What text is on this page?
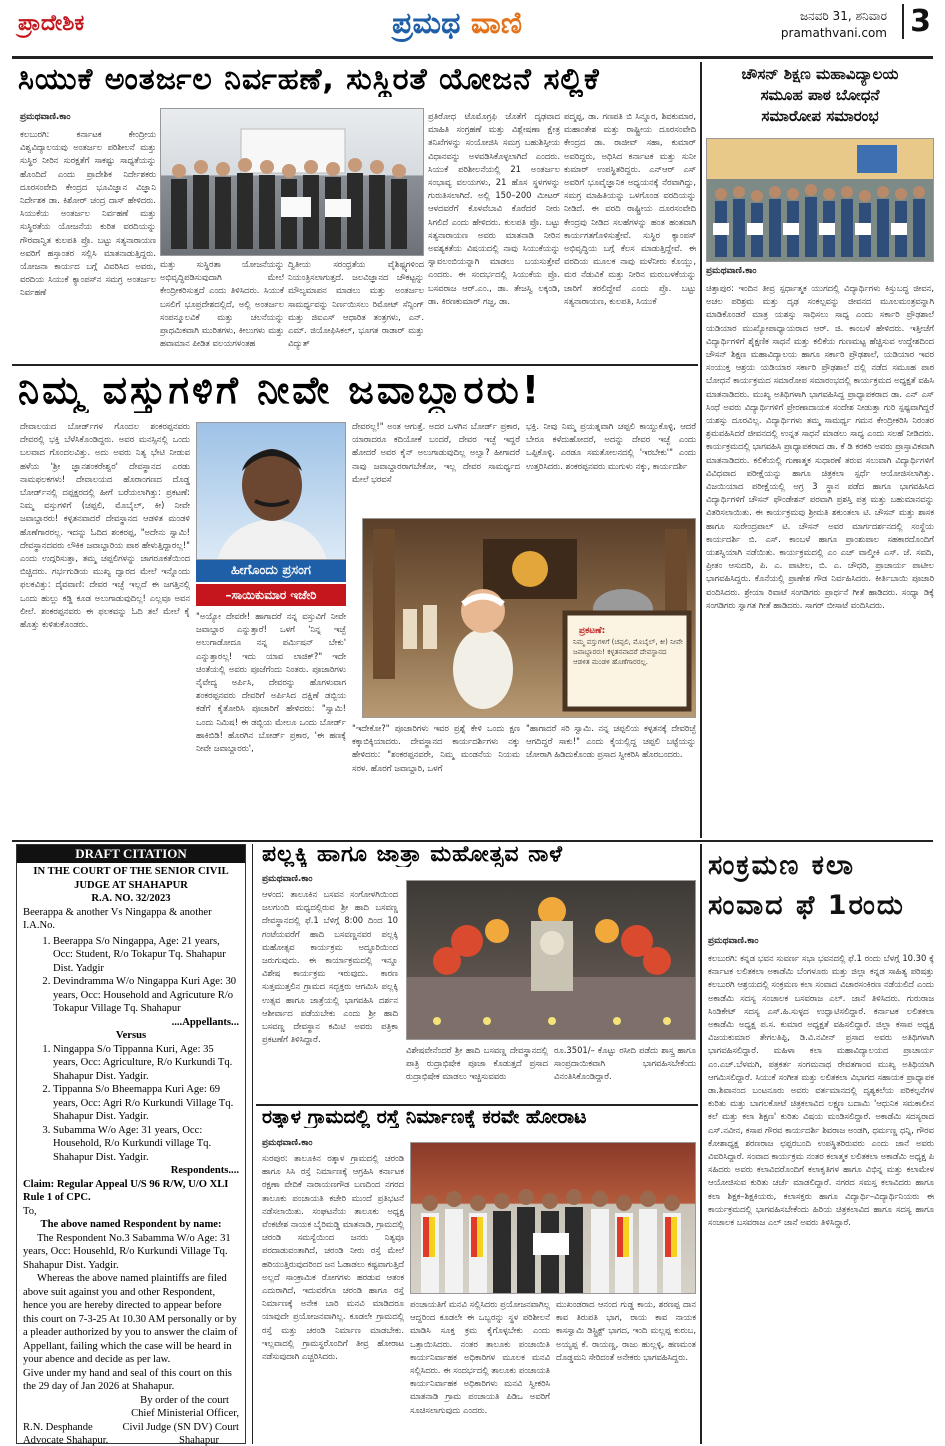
ಪ್ರಾದೇಶಿಕ	ಪ್ರಮಥ ವಾಣಿ	ಜನವರಿ 31, ಶನಿವಾರ
pramathvani.com 3
ಸಿಯುಕೆ ಅಂತರ್ಜಲ ನಿರ್ವಹಣೆ, ಸುಸ್ಥಿರತೆ ಯೋಜನೆ ಸಲ್ಲಿಕೆ
ಪ್ರಮಥವಾಣಿ.ಕಾಂ
ಕಲಬುರಗಿ: ಕರ್ನಾಟಕ ಕೇಂದ್ರೀಯ ವಿಶ್ವವಿದ್ಯಾಲಯವು ಅಂತರ್ಜಲ ಪರಿಶೀಲನೆ ಮತ್ತು ಸುಸ್ಥಿರ ನೀರಿನ ಸುರಕ್ಷತೆಗೆ ಸಾಕಷ್ಟು ಸಾಧ್ಯತೆಯನ್ನು ಹೊಂದಿದೆ ಎಂದು ಪ್ರಾದೇಶಿಕ ನಿರ್ದೇಶಕರು ದೂರಸಂವೇದಿ ಕೇಂದ್ರದ ಭೂವಿಜ್ಞಾನ ವಿಜ್ಞಾನಿ ನಿರ್ದೇಶಕ ಡಾ. ಕಿಶೋರ್ ಚಂದ್ರ ದಾಸ್ ಹೇಳಿದರು. ಸಿಯುಕೆಯ ಅಂತರ್ಜಲ ನಿರ್ವಹಣೆ ಮತ್ತು ಸುಸ್ಥಿರತೆಯ ಯೋಜನೆಯ ಕುರಿತ ವರದಿಯನ್ನು ಗೌರವಾನ್ವಿತ ಕುಲಪತಿ ಪ್ರೊ. ಬಟ್ಟು ಸತ್ಯನಾರಾಯಣ ಅವರಿಗೆ ಹಸ್ತಾಂತರ ಸಲ್ಲಿಸಿ ಮಾತನಾಡುತ್ತಿದ್ದರು. ಯೋಜನಾ ಕಾರ್ಯದ ಬಗ್ಗೆ ವಿವರಿಸಿದ ಅವರು, ವರದಿಯ ಸಿಯುಕೆ ಕ್ಯಾಂಪಸ್‌ನ ಸಮಗ್ರ ಅಂತರ್ಜಲ ನಿರ್ವಹಣೆ
ಮತ್ತು ಸುಸ್ಥಿರತಾ ಯೋಜನೆಯನ್ನು ಅಭಿವೃದ್ಧಿಪಡಿಸುವುದಾಗಿ ಮೇಲೆ ಕೇಂದ್ರೀಕರಿಸುತ್ತದೆ ಎಂದು ತಿಳಿಸಿದರು. ಸಿಯುಕೆ ಬಸಲಿಗೆ ಭೂಪ್ರದೇಶದಲ್ಲಿದೆ, ಅಲ್ಲಿ ಅಂತರ್ಜಲ ಸಂಪನ್ಮೂಲವಿಕೆ ಮತ್ತು ಚಲನೆಯನ್ನು ಪ್ರಾಥಮಿಕವಾಗಿ ಮುರಿತಗಳು, ಕೀಲುಗಳು ಮತ್ತು ಹವಾಮಾನ ಪೀಡಿತ ವಲಯಗಳಂತಹ
ದ್ವಿತೀಯ ಸರಂಧ್ರತೆಯ ವೈಶಿಷ್ಟ್ಯಗಳಿಂದ ನಿಯಂತ್ರಿಸಲಾಗುತ್ತದೆ. ಜಲವಿಜ್ಞಾನದ ಚೌಕಟ್ಟನ್ನು ಮೌಲ್ಯಮಾಪನ ಮಾಡಲು ಮತ್ತು ಅಂತರ್ಜಲ ಸಾಮರ್ಥ್ಯವನ್ನು ನಿರ್ಣಯಿಸಲು ರಿಮೋಟ್ ಸೆನ್ಸಿಂಗ್ ಮತ್ತು ಜಿಐಎಸ್ ಆಧಾರಿತ ತಂತ್ರಗಳು, ಎನ್. ಎಮ್. ಜಿಯೋಫಿಸಿಕಲ್, ಭೂಗತ ರಾಡಾರ್ ಮತ್ತು ವಿದ್ಯುತ್
ಪ್ರತಿರೋಧ ಟೊಮೊಗ್ರಫಿ ಜೊತೆಗೆ ದೃಢವಾದ ಮಾಹಿತಿ ಸಂಗ್ರಹಣೆ ಮತ್ತು ವಿಶ್ಲೇಷಣಾ ಕ್ಷೇತ್ರ ತನಿಖೆಗಳನ್ನು ಸಂಯೋಜಿಸಿ ಸಮಗ್ರ ಬಹುಶಿಸ್ತೀಯ ವಿಧಾನವನ್ನು ಅಳವಡಿಸಿಕೊಳ್ಳಲಾಗಿದೆ ಎಂದರು. ಸಿಯುಕೆ ಪರಿಶೀಲನೆಯಲ್ಲಿ 21 ಅಂತರ್ಜಲ ಸಂಭಾವ್ಯ ವಲಯಗಳು, 21 ಹೊಸ ಸ್ಥಳಗಳನ್ನು ಗುರುತಿಸಲಾಗಿದೆ. ಅಲ್ಲಿ 150–200 ಮೀಟರ್ ಆಳದವರೆಗೆ ಕೊಳವೆಬಾವಿ ಕೊರೆದರೆ ನೀರು ಸಿಗಲಿದೆ ಎಂದು ಹೇಳಿದರು. ಕುಲಪತಿ ಪ್ರೊ. ಬಟ್ಟು ಸತ್ಯನಾರಾಯಣ ಅವರು ಮಾತನಾಡಿ ನೀರಿನ ಅವಶ್ಯಕತೆಯ ವಿಷಯದಲ್ಲಿ ನಾವು ಸಿಯುಕೆಯನ್ನು ಸ್ವಾವಲಂಬಿಯನ್ನಾಗಿ ಮಾಡಲು ಬಯಸುತ್ತೇವೆ ಎಂದರು. ಈ ಸಂದರ್ಭದಲ್ಲಿ ಸಿಯುಕೆಯ ಪ್ರೊ. ಬಸವರಾಜ ಆರ್.ಎಂ., ಡಾ. ತೇಜಸ್ವಿ ಲಕ್ಕಂಡಿ, ಡಾ. ಕಿರಣಕುಮಾರ್ ಗಜ್ಜ, ಡಾ.
ಪದ್ಮಪ್ಪ, ಡಾ. ಗಣಪತಿ ಬಿ ಸಿನ್ನೂರ, ಶಿವಕುಮಾರ, ಮಹಾಂತೇಶ ಮತ್ತು ರಾಷ್ಟ್ರೀಯ ದೂರಸಂವೇದಿ ಕೇಂದ್ರದ ಡಾ. ರಾಜೀವ್ ಸಹಾ, ಕುಮಾರ್ ಅವರಿದ್ದರು, ಅಧಿಸಿದ ಕರ್ನಾಟಕ ಮತ್ತು ಸುನೀ ಕುಮಾರ್ ಉಪಸ್ಥಿತರಿದ್ದರು. ಎನ್ಆರ್ ಎಸ್ ಅವರಿಗೆ ಭೂವೈಜ್ಞಾನಿಕ ಅಧ್ಯಯನಕ್ಕೆ ನೆರವಾಗಿದ್ದು, ಸಮಗ್ರ ಮಾಹಿತಿಯನ್ನು ಒಳಗೊಂಡ ವರದಿಯನ್ನು ನೀಡಿದೆ. ಈ ವರದಿ ರಾಷ್ಟ್ರೀಯ ದೂರಸಂವೇದಿ ಕೇಂದ್ರವು ನೀಡಿದ ಸಲಹೆಗಳನ್ನು ಹಂತ ಹಂತವಾಗಿ ಕಾರ್ಯಗತಗೊಳಿಸುತ್ತೇವೆ. ಸುಸ್ಥಿರ ಕ್ಯಾಂಪಸ್ ಅಭಿವೃದ್ಧಿಯ ಬಗ್ಗೆ ಕೆಲಸ ಮಾಡುತ್ತಿದ್ದೇವೆ. ಈ ವರದಿಯ ಮೂಲಕ ನಾವು ಮಳೆನೀರು ಕೊಯ್ಲು, ಮರ ನೆಡುವಿಕೆ ಮತ್ತು ನೀರಿನ ಮರುಬಳಕೆಯನ್ನು ಜಾರಿಗೆ ತರಲಿದ್ದೇವೆ ಎಂದು ಪ್ರೊ. ಬಟ್ಟು ಸತ್ಯನಾರಾಯಣ, ಕುಲಪತಿ, ಸಿಯುಕೆ
ಚೌಸನ್ ಶಿಕ್ಷಣ ಮಹಾವಿದ್ಯಾಲಯ
ಸಮೂಹ ಪಾಠ ಬೋಧನೆ
ಸಮಾರೋಪ ಸಮಾರಂಭ
ಪ್ರಮಥವಾಣಿ.ಕಾಂ
ಚಿತ್ತಾಪುರ: ಇಂದಿನ ತೀವ್ರ ಸ್ಪರ್ಧಾತ್ಮಕ ಯುಗದಲ್ಲಿ ವಿದ್ಯಾರ್ಥಿಗಳು ಕಿಸ್ತುಬದ್ಧ ಜೀವನ, ಅಚಲ ಪರಿಶ್ರಮ ಮತ್ತು ದೃಢ ಸಂಕಲ್ಪವನ್ನು ಜೀವನದ ಮೂಲಮಂತ್ರವನ್ನಾಗಿ ಮಾಡಿಕೊಂಡರೆ ಮಾತ್ರ ಯಶಸ್ಸು ಸಾಧಿಸಲು ಸಾಧ್ಯ ಎಂದು ಸರ್ಕಾರಿ ಪ್ರೌಢಶಾಲೆ ಯಡಿಯಾರ ಮುಖ್ಯೋಪಾಧ್ಯಾಯರಾದ ಆರ್. ಜಿ. ಕಾಂಬಳೆ ಹೇಳಿದರು. ಇತ್ತೀಚೆಗೆ ವಿದ್ಯಾರ್ಥಿಗಳಿಗೆ ಶೈಕ್ಷಣಿಕ ಸಾಧನೆ ಮತ್ತು ಕಲಿಕೆಯ ಗುಣಮಟ್ಟ ಹೆಚ್ಚಿಸುವ ಉದ್ದೇಶದಿಂದ ಚೌಸನ್ ಶಿಕ್ಷಣ ಮಹಾವಿದ್ಯಾಲಯ ಹಾಗೂ ಸರ್ಕಾರಿ ಪ್ರೌಢಶಾಲೆ, ಯಡಿಯಾರ ಇವರ ಸಂಯುಕ್ತ ಆಶ್ರಯ ಯಡಿಯಾರ ಸರ್ಕಾರಿ ಪ್ರೌಢಶಾಲೆ ದಲ್ಲಿ ನಡೆದ ಸಮೂಹ ಪಾಠ ಬೋಧನೆ ಕಾರ್ಯಕ್ರಮದ ಸಮಾರೋಪ ಸಮಾರಂಭದಲ್ಲಿ ಕಾರ್ಯಕ್ರಮದ ಅಧ್ಯಕ್ಷತೆ ವಹಿಸಿ ಮಾತನಾಡಿದರು. ಮುಖ್ಯ ಅತಿಥಿಗಳಾಗಿ ಭಾಗವಹಿಸಿದ್ದ ಪ್ರಾಧ್ಯಾಪಕರಾದ ಡಾ. ಎನ್ ಎಸ್ ಸಿಂಧೆ ಅವರು ವಿದ್ಯಾರ್ಥಿಗಳಿಗೆ ಪ್ರೇರಣಾದಾಯಕ ಸಂದೇಶ ನೀಡುತ್ತಾ ಗುರಿ ಸ್ಪಷ್ಟವಾಗಿದ್ದರೆ ಯಶಸ್ಸು ದೂರವಿಲ್ಲ. ವಿದ್ಯಾರ್ಥಿಗಳು ತಮ್ಮ ಸಾಮರ್ಥ್ಯ ಗಮನ ಕೇಂದ್ರೀಕರಿಸಿ ನಿರಂತರ ಶ್ರಮವಹಿಸಿದರೆ ಜೀವನದಲ್ಲಿ ಉನ್ನತ ಸಾಧನೆ ಮಾಡಲು ಸಾಧ್ಯ ಎಂದು ಸಲಹೆ ನೀಡಿದರು. ಕಾರ್ಯಕ್ರಮದಲ್ಲಿ ಭಾಗವಹಿಸಿ ಪ್ರಾಧ್ಯಾಪಕರಾದ ಡಾ. ಕೆ ಡಿ ಕರಕರಿ ಅವರು ಪ್ರಾಸ್ತಾವಿಕವಾಗಿ ಮಾತನಾಡಿದರು. ಕಲಿಕೆಯಲ್ಲಿ ಗುಣಾತ್ಮಕ ಸುಧಾರಣೆ ತರುವ ಸಲುವಾಗಿ ವಿದ್ಯಾರ್ಥಿಗಳಿಗೆ ವಿವಿಧವಾದ ಪರೀಕ್ಷೆಯನ್ನು ಹಾಗೂ ಚಿತ್ರಕಲಾ ಸ್ಪರ್ಧೆ ಆಯೋಜಿಸಲಾಗಿತ್ತು. ವಿಜಯಿಯಾದ ಪರೀಕ್ಷೆಯಲ್ಲಿ ಅಗ್ರ 3 ಸ್ಥಾನ ಪಡೆದ ಹಾಗೂ ಭಾಗವಹಿಸಿದ ವಿದ್ಯಾರ್ಥಿಗಳಿಗೆ ಚೌಸನ್ ಫೌಂಡೇಶನ್ ಪರವಾಗಿ ಪ್ರಶಸ್ತಿ ಪತ್ರ ಮತ್ತು ಬಹುಮಾನವನ್ನು ವಿತರಿಸಲಾಯಿತು. ಈ ಕಾರ್ಯಕ್ರಮವು ಶ್ರೀಮತಿ ಶಕುಂತಲಾ ಟಿ. ಚೌಸನ್ ಮತ್ತು ಶಾಸಕ ಹಾಗೂ ಸುರೇಂದ್ರಪಾಲ್ ಟಿ. ಚೌಸನ್ ಅವರ ಮಾರ್ಗದರ್ಶನದಲ್ಲಿ ಸಂಸ್ಥೆಯ ಕಾರ್ಯದರ್ಶಿ ಬಿ. ಎಸ್. ಕಾಂಬಳೆ ಹಾಗೂ ಪ್ರಾಂಶುಪಾಲ ಸಹಕಾರದೊಂದಿಗೆ ಯಶಸ್ವಿಯಾಗಿ ನಡೆಯಿತು. ಕಾರ್ಯಕ್ರಮದಲ್ಲಿ ಎಂ ಎಚ್ ವಾಲ್ಮೀಕಿ ಎಸ್. ಜೆ. ಸವದಿ, ಪ್ರೀತಂ ಆಸುದರಿ, ಪಿ. ಎ. ಪಾಟೀಲ, ಬಿ. ಎ. ಚೌಧರಿ, ಪ್ರಾಚಾರ್ಯ ಪಾಟೀಲ ಭಾಗವಹಿಸಿದ್ದರು. ಕೊನೆಯಲ್ಲಿ ಪ್ರಾಣೇಶ ಗೌಡ ನಿರ್ವಹಿಸಿದರು. ಕೀರ್ತಿಬಾಯಿ ಪೂಜಾರಿ ವಂದಿಸಿದರು. ಶ್ರೇಯಾ ರಿವಾಟೆ ಸಂಗಡಿಗರು ಪ್ರಾರ್ಥನೆ ಗೀತೆ ಹಾಡಿದರು. ಸಂಧ್ಯಾ ಡಿಕ್ಕೆ ಸಂಗಡಿಗರು ಸ್ವಾಗತ ಗೀತೆ ಹಾಡಿದರು. ಸಾಗರ್ ಬೀಸಾಟೆ ವಂದಿಸಿದರು.
ನಿಮ್ಮ ವಸ್ತುಗಳಿಗೆ ನೀವೇ ಜವಾಬ್ದಾರರು!
ದೇವಾಲಯದ ಬೋರ್ಡ್‌ಗಳ ಗೊಂದಲ ಶಂಕರಪ್ಪನವರು ದೇವರಲ್ಲಿ ಭಕ್ತಿ ಬೆಳೆಸಿಕೊಂಡಿದ್ದರು. ಅವರ ಮನಸ್ಸಿನಲ್ಲಿ ಒಂದು ಬಲವಾದ ಗೊಂದಲವಿತ್ತು. ಅದು ಅವರು ನಿತ್ಯ ಭೇಟಿ ನೀಡುವ ಹಳೆಯ 'ಶ್ರೀ ಜ್ಞಾನಶಂಕರೇಶ್ವರ' ದೇವಸ್ಥಾನದ ಎರಡು ನಾಮಫಲಕಗಳು! ದೇವಾಲಯದ ಹೊರಾಂಗಣದ ದೊಡ್ಡ ಬೋರ್ಡ್‌ನಲ್ಲಿ ದಪ್ಪಕ್ಷರದಲ್ಲಿ ಹೀಗೆ ಬರೆಯಲಾಗಿತ್ತು: ಪ್ರಕಟಣೆ: ನಿಮ್ಮ ವಸ್ತುಗಳಿಗೆ (ಚಪ್ಪಲಿ, ಮೊಬೈಲ್, ಕೀ) ನೀವೇ ಜವಾಬ್ದಾರರು! ಕಳ್ಳತನವಾದರೆ ದೇವಸ್ಥಾನದ ಆಡಳಿತ ಮಂಡಳಿ ಹೊಣೆಗಾರರಲ್ಲ. ಇದನ್ನು ಓದಿದ ಶಂಕರಪ್ಪ, "ಅದೇನು ಸ್ವಾಮಿ! ದೇವಸ್ಥಾನದವರು ಲೌಕಿಕ ಜವಾಬ್ದಾರಿಯ ಪಾಠ ಹೇಳುತ್ತಿದ್ದಾರಲ್ಲ!" ಎಂದು ಉದ್ಗರಿಸುತ್ತಾ, ತಮ್ಮ ಚಪ್ಪಲಿಗಳನ್ನು ಜಾಗರೂಕತೆಯಿಂದ ಬಿಚ್ಚಿದರು. ಗರ್ಭಗುಡಿಯ ಮುಖ್ಯ ದ್ವಾರದ ಮೇಲೆ ಇನ್ನೊಂದು ಫಲಕವಿತ್ತು: ದೈವವಾಣಿ: ದೇವರ ಇಚ್ಛೆ ಇಲ್ಲದೆ ಈ ಜಗತ್ತಿನಲ್ಲಿ ಒಂದು ಹುಲ್ಲು ಕಡ್ಡಿ ಕೂಡ ಅಲುಗಾಡುವುದಿಲ್ಲ! ಎಲ್ಲವೂ ಅವನ ಲೀಲೆ. ಶಂಕರಪ್ಪನವರು ಈ ಫಲಕವನ್ನು ಓದಿ ತಲೆ ಮೇಲೆ ಕೈ ಹೊತ್ತು ಕುಳಿತುಕೊಂಡರು.
ಹೀಗೊಂದು ಪ್ರಸಂಗ
–ಸಾಯಿಕುಮಾರ ಇಜೇರಿ
"ಅಯ್ಯೋ ದೇವರೇ! ಹಾಗಾದರೆ ನನ್ನ ವಸ್ತುವಿಗೆ ನೀವೇ ಜವಾಬ್ದಾರ ಎನ್ನುತ್ತಾರೆ! ಒಳಗೆ 'ನಿನ್ನ ಇಚ್ಛೆ ಅಲುಗಾಡೋದೂ ನನ್ನ ಪರ್ಮಿಷನ್ ಬೇಕು' ಎನ್ನುತ್ತಾರಲ್ಲ! ಇದು ಯಾವ ಲಾಜಿಕ್?" ಇದೇ ಚಿಂತೆಯಲ್ಲಿ ಅವರು ಪೂಜೆಗೆಂದು ನಿಂತರು. ಪೂಜಾರಿಗಳು ನೈವೇದ್ಯ ಅರ್ಪಿಸಿ, ದೇವರನ್ನು ಹೊಗಳುವಾಗ ಶಂಕರಪ್ಪನವರು ದೇವರಿಗೆ ಅರ್ಪಿಸಿದ ದಕ್ಷಿಣೆ ಡಬ್ಬಿಯ ಕಡೆಗೆ ಕೈತೋರಿಸಿ ಪೂಜಾರಿಗೆ ಹೇಳಿದರು: "ಸ್ವಾಮಿ! ಒಂದು ನಿಮಿಷ! ಈ ಡಬ್ಬಿಯ ಮೇಲೂ ಒಂದು ಬೋರ್ಡ್ ಹಾಕಿಬಿಡಿ! ಹೊರಗಿನ ಬೋರ್ಡ್ ಪ್ರಕಾರ, 'ಈ ಹಣಕ್ಕೆ ನೀವೇ ಜವಾಬ್ದಾರರು',
ದೇವರಲ್ಲ!" ಅಂತ ಆಗುತ್ತೆ. ಅದರ ಒಳಗಿನ ಬೋರ್ಡ್ ಪ್ರಕಾರ, ಯಾರಾದರೂ ಕದಿಯೋಕೆ ಬಂದರೆ, ದೇವರ ಇಚ್ಛೆ ಇದ್ದರೆ ಹೋದರೆ ಅವರ ಕೈನ್ ಅಲುಗಾಡುವುದಿಲ್ಲ ಅಲ್ವಾ? ಹೀಗಾದರೆ ನಾವು ಜವಾಬ್ದಾರರಾಗಬೇಕೋ, ಇಲ್ಲ ದೇವರ ಸಾಮರ್ಥ್ಯದ ಮೇಲೆ ಭರವಸೆ
ಭಕ್ತಿ. ನೀವು ನಿಮ್ಮ ಪ್ರಯತ್ನವಾಗಿ ಚಪ್ಪಲಿ ಕಾಯ್ದುಕೊಳ್ಳಿ, ಆದರೆ ಬೇರೂ ಕಳೆದುಹೋದರೆ, ಅದನ್ನು ದೇವರ ಇಚ್ಛೆ ಎಂದು ಒಪ್ಪಿಕೊಳ್ಳಿ. ಎರಡೂ ಸಮತೋಲನದಲ್ಲಿ 'ಇರಬೇಕು'" ಎಂದು ಉತ್ತರಿಸಿದರು. ಶಂಕರಪ್ಪನವರು ಮುಗುಳು ನಕ್ಕು, ಕಾರ್ಯದರ್ಶಿ
ಪ್ರಕಟಣೆ:
ನಿಮ್ಮ ವಸ್ತುಗಳಿಗೆ (ಚಪ್ಪಲಿ, ಮೊಬೈಲ್, ಕೀ) ನೀವೇ ಜವಾಬ್ದಾರರು! ಕಳ್ಳತನವಾದರೆ ದೇವಸ್ಥಾನದ ಆಡಳಿತ ಮಂಡಳಿ ಹೊಣೆಗಾರರಲ್ಲ.
"ಇದೇಕೋ?" ಪೂಜಾರಿಗಳು ಇವರ ಪ್ರಶ್ನೆ ಕೇಳಿ ಒಂದು ಕ್ಷಣ ಕಕ್ಕಾಬಿಕ್ಕಿಯಾದರು. ದೇವಸ್ಥಾನದ ಕಾರ್ಯದರ್ಶಿಗಳು ನಕ್ಕು ಹೇಳಿದರು: "ಶಂಕರಪ್ಪನವರೇ, ನಿಮ್ಮ ಮಂಡನೆಯ ನಿಯಮ ಸರಳ. ಹೊರಗೆ ಜವಾಬ್ದಾರಿ, ಒಳಗೆ
"ಹಾಗಾದರೆ ಸರಿ ಸ್ವಾಮಿ. ನನ್ನ ಚಪ್ಪಲಿಯ ಕಳ್ಳತನಕ್ಕೆ ದೇವರಿಚ್ಛೆ ಆಗದಿದ್ದರೆ ಸಾಕು!" ಎಂದು ಕೈಯಲ್ಲಿದ್ದ ಚಪ್ಪಲಿ ಬಟ್ಟೆಯನ್ನು ಜೋರಾಗಿ ಹಿಡಿದುಕೊಂಡು ಪ್ರಸಾದ ಸ್ವೀಕರಿಸಿ ಹೊರಬಂದರು.
DRAFT CITATION
IN THE COURT OF THE SENIOR CIVIL JUDGE AT SHAHAPUR
R.A. NO. 32/2023
Beerappa & another Vs Ningappa & another
I.A.No.
1. Beerappa S/o Ningappa, Age: 21 years, Occ: Student, R/o Tokapur Tq. Shahapur Dist. Yadgir
2. Devindramma W/o Ningappa Kuri Age: 30 years, Occ: Household and Agricuture R/o Tokapur Village Tq. Shahapur
....Appellants...
Versus
1. Ningappa S/o Tippanna Kuri, Age: 35 years, Occ: Agriculture, R/o Kurkundi Tq. Shahapur Dist. Yadgir.
2. Tippanna S/o Bheemappa Kuri Age: 69 years, Occ: Agri R/o Kurkundi Village Tq. Shahapur Dist. Yadgir.
3. Subamma W/o Age: 31 years, Occ: Household, R/o Kurkundi village Tq. Shahapur Dist. Yadgir.
Respondents....
Claim: Regular Appeal U/S 96 R/W, U/O XLI Rule 1 of CPC.
To,
The above named Respondent by name:
The Respondent No.3 Sabamma W/o Age: 31 years, Occ: Househld, R/o Kurkundi Village Tq. Shahapur Dist. Yadgir.
Whereas the above named plaintiffs are filed above suit against you and other Respondent, hence you are hereby directed to appear before this court on 7-3-25 At 10.30 AM personally or by a pleader authorized by you to answer the claim of Appellant, failing which the case will be heard in your abence and decide as per law.
Give under my hand and seal of this court on this the 29 day of Jan 2026 at Shahapur.
By order of the court
Chief Ministerial Officer,
R.N. Desphande	Civil Judge (SN DV) Court
Advocate Shahapur.	Shahapur
ಪಲ್ಲಕ್ಕಿ ಹಾಗೂ ಜಾತ್ರಾ ಮಹೋತ್ಸವ ನಾಳೆ
ಪ್ರಮಥವಾಣಿ.ಕಾಂ
ಆಳಂದ: ತಾಲೂಕಿನ ಬಸವನ ಸಂಗೋಳಗಿಯಿಂದ ಜಲಗುಂದಿ ಮಧ್ಯದಲ್ಲಿರುವ ಶ್ರೀ ಹಾದಿ ಬಸವಣ್ಣ ದೇವಸ್ಥಾನದಲ್ಲಿ ಫೆ.1 ಬೆಳಿಗ್ಗೆ 8:00 ದಿಂದ 10 ಗಂಟೆಯವರೆಗೆ ಹಾದಿ ಬಸವಣ್ಣನವರ ಪಲ್ಲಕ್ಕಿ ಮಹೋತ್ಸವ ಕಾರ್ಯಕ್ರಮ ಅದ್ಧೂರಿಯಿಂದ ಜರುಗುವುದು. ಈ ಕಾರ್ಯಾಕ್ರಮದಲ್ಲಿ ಇನ್ನೂ ವಿಶೇಷ ಕಾರ್ಯಕ್ರಮ ಇರುವುದು. ಕಾರಣ ಸುತ್ತಮುತ್ತಲಿನ ಗ್ರಾಮದ ಸದ್ಭಕ್ತರು ಆಗಮಿಸಿ ಪಲ್ಲಕ್ಕಿ ಉತ್ಸವ ಹಾಗೂ ಜಾತ್ರೆಯಲ್ಲಿ ಭಾಗವಹಿಸಿ ದರ್ಶನ ಆಶೀರ್ವಾದ ಪಡೆಯಬೇಕು ಎಂದು ಶ್ರೀ ಹಾದಿ ಬಸವಣ್ಣ ದೇವಸ್ಥಾನ ಕಮಿಟಿ ಅವರು ಪತ್ರಿಕಾ ಪ್ರಕಟಣೆಗೆ ತಿಳಿಸಿದ್ದಾರೆ.
ವಿಶೇಷವೇನೆಂದರೆ ಶ್ರೀ ಹಾದಿ ಬಸವಣ್ಣ ದೇವಸ್ಥಾನದಲ್ಲಿ ಪಾತ್ರಿ ರುದ್ರಾಭಿಷೇಕ ಪೂಜಾ ಕೊಡುತ್ತದೆ ಪ್ರಸಾದ ರುದ್ರಾಭಿಷೇಕ ಮಾಡಲು ಇಚ್ಚಿಸುವವರು
ರೂ.3501/– ಕೊಟ್ಟು ರಸೀದಿ ಪಡೆದು ಶಾಸ್ತ್ರ ಹಾಗೂ ಸಾಂಪ್ರದಾಯಿಕವಾಗಿ ಭಾಗವಹಿಸಬೇಕೆಂದು ವಿನಂತಿಸಿಕೊಂಡಿದ್ದಾರೆ.
ರತ್ಕಾಳ ಗ್ರಾಮದಲ್ಲಿ ರಸ್ತೆ ನಿರ್ಮಾಣಕ್ಕೆ ಕರವೇ ಹೋರಾಟ
ಪ್ರಮಥವಾಣಿ.ಕಾಂ
ಸುರಪುರ: ತಾಲೂಕಿನ ರತ್ಕಾಳ ಗ್ರಾಮದಲ್ಲಿ ಚರಂಡಿ ಹಾಗೂ ಸಿಸಿ ರಸ್ತೆ ನಿರ್ಮಾಣಕ್ಕೆ ಆಗ್ರಹಿಸಿ ಕರ್ನಾಟಕ ರಕ್ಷಣಾ ವೇದಿಕೆ ನಾರಾಯಣಗೌಡ ಬಣದಿಂದ ನಗರದ ತಾಲೂಕು ಪಂಚಾಯತಿ ಕಚೇರಿ ಮುಂದೆ ಪ್ರತಿಭಟನೆ ನಡೆಸಲಾಯಿತು. ಸಂಘಟನೆಯ ತಾಲೂಕು ಅಧ್ಯಕ್ಷ ವೆಂಕಟೇಶ ನಾಯಕ ಬೈರಿಮಡ್ಡಿ ಮಾತನಾಡಿ, ಗ್ರಾಮದಲ್ಲಿ ಚರಂಡಿ ಸಮಸ್ಯೆಯಿಂದ ಜನರು ನಿತ್ಯವೂ ಪರದಾಡುವಂತಾಗಿದೆ, ಚರಂಡಿ ನೀರು ರಸ್ತೆ ಮೇಲೆ ಹರಿಯುತ್ತಿರುವುದರಿಂದ ಜನ ಓಡಾಡಲು ಕಷ್ಟವಾಗುತ್ತಿದೆ ಅಲ್ಲದೆ ಸಾಂಕ್ರಾಮಿಕ ರೋಗಗಳು ಹರಡುವ ಆತಂಕ ಎದುರಾಗಿದೆ, ಇದುವರೆಗೂ ಚರಂಡಿ ಹಾಗೂ ರಸ್ತೆ ನಿರ್ಮಾಣಕ್ಕೆ ಅನೇಕ ಬಾರಿ ಮನವಿ ಮಾಡಿದರೂ ಯಾವುದೇ ಪ್ರಯೋಜನವಾಗಿಲ್ಲ. ಕೂಡಲೇ ಗ್ರಾಮದಲ್ಲಿ ರಸ್ತೆ ಮತ್ತು ಚರಂಡಿ ನಿರ್ಮಾಣ ಮಾಡಬೇಕು. ಇಲ್ಲವಾದಲ್ಲಿ ಗ್ರಾಮಸ್ಥರೊಂದಿಗೆ ತೀವ್ರ ಹೋರಾಟ ನಡೆಸುವುದಾಗಿ ಎಚ್ಚರಿಸಿದರು.
ಪಂಚಾಯತಿಗೆ ಮನವಿ ಸಲ್ಲಿಸಿದರು ಪ್ರಯೋಜನವಾಗಿಲ್ಲ ಆದ್ದರಿಂದ ಕೂಡಲೇ ಈ ಒಬ್ಬರನ್ನು ಸ್ಥಳ ಪರಿಶೀಲನೆ ಮಾಡಿಸಿ ಸೂಕ್ತ ಕ್ರಮ ಕೈಗೊಳ್ಳಬೇಕು ಎಂದು ಒತ್ತಾಯಿಸಿದರು. ನಂತರ ತಾಲೂಕು ಪಂಚಾಯಿತಿ ಕಾರ್ಯನಿರ್ವಾಹಕ ಅಧಿಕಾರಿಗಳ ಮೂಲಕ ಮನವಿ ಸಲ್ಲಿಸಿದರು. ಈ ಸಂದರ್ಭದಲ್ಲಿ ತಾಲೂಕು ಪಂಚಾಯತಿ ಕಾರ್ಯನಿರ್ವಾಹಕ ಅಧಿಕಾರಿಗಳು ಮನವಿ ಸ್ವೀಕರಿಸಿ ಮಾತನಾಡಿ ಗ್ರಾಮ ಪಂಚಾಯತಿ ಪಿಡಿಒ ಅವರಿಗೆ ಸೂಚಿಸಲಾಗುವುದು ಎಂದರು.
ಮುಖಂಡರಾದ ಆನಂದ ಗುಡ್ಡ ಕಾಯ, ಶರಣಪ್ಪ ದಾನ ಕಾವ ತಿರುಪತಿ ಭಾಗ, ರಾಯ ಕಾವ ನಾಯಕ ಕಾಸಸ್ವಾಮಿ ಡಿಸ್ಟ್ರಿಕ್ಟ್ ಭಾಗದ, ಇಂದಿ ಮಲ್ಲಪ್ಪ ಕುರುಬ, ಅಯ್ಯಪ್ಪ ಕೆ. ರಾಯಣ್ಣ, ರಾಜು ಹುಲ್ಲಳ್ಳಿ, ಹಣಮಂತ ದೊಡ್ಡಮನಿ ಸೇರಿದಂತೆ ಅನೇಕರು ಭಾಗವಹಿಸಿದ್ದರು.
ಸಂಕ್ರಮಣ ಕಲಾ
ಸಂವಾದ ಫೆ 1ರಂದು
ಪ್ರಮಥವಾಣಿ.ಕಾಂ
ಕಲಬುರಗಿ: ಕನ್ನಡ ಭವನ ಸುವರ್ಣ ಸಭಾ ಭವನದಲ್ಲಿ ಫೆ.1 ರಂದು ಬೆಳಗ್ಗೆ 10.30 ಕ್ಕೆ ಕರ್ನಾಟಕ ಲಲಿತಕಲಾ ಅಕಾಡೆಮಿ ಬೆಂಗಳೂರು ಮತ್ತು ಜಿಲ್ಲಾ ಕನ್ನಡ ಸಾಹಿತ್ಯ ಪರಿಷತ್ತು ಕಲಬುರಗಿ ಆಶ್ರಯದಲ್ಲಿ ಸಂಕ್ರಮಣ ಕಲಾ ಸಂವಾದ ವಿಚಾರಸಂಕಿರಣ ನಡೆಯಲಿದೆ ಎಂದು ಅಕಾಡೆಮಿ ಸದಸ್ಯ ಸಂಚಾಲಕ ಬಸವರಾಜ ಎಲ್. ಜಾನೆ ತಿಳಿಸಿದರು. ಗುರುರಾಜ ಸಿಂಡಿಕೇಟ್ ಸದಸ್ಯ ಎಸ್.ಹಿ.ಸುಳ್ಳದ ಉದ್ಘಾಟಿಸಲಿದ್ದಾರೆ. ಕರ್ನಾಟಕ ಲಲಿತಕಲಾ ಅಕಾಡೆಮಿ ಅಧ್ಯಕ್ಷ ಪ.ಸ. ಕುಮಾರ ಅಧ್ಯಕ್ಷತೆ ವಹಿಸಲಿದ್ದಾರೆ. ಜಿಲ್ಲಾ ಕಸಾಪ ಅಧ್ಯಕ್ಷ ವಿಜಯಕುಮಾರ ತೇಗಲತಿಪ್ಪಿ, ಡಿ.ವಿ.ನವೀನ್ ಪ್ರಸಾದ ಅವರು ಅತಿಥಿಗಳಾಗಿ ಭಾಗವಹಿಸಲಿದ್ದಾರೆ. ಮಹಿಳಾ ಕಲಾ ಮಹಾವಿದ್ಯಾಲಯದ ಪ್ರಾಚಾರ್ಯ ಎಂ.ಎಚ್.ಬೆಳಮಗಿ, ಪತ್ರಕರ್ತ ಸಂಗಮನಾಥ ರೇವತಗಾಂವ ಮುಖ್ಯ ಅತಿಥಿಯಾಗಿ ಆಗಮಿಸಲಿದ್ದಾರೆ. ಸಿಯುಕೆ ಸಂಗೀತ ಮತ್ತು ಲಲಿತಕಲಾ ವಿಭಾಗದ ಸಹಾಯಕ ಪ್ರಾಧ್ಯಾಪಕ ಡಾ.ಶಿವಾನಂದ ಬಂಟನೂರು ಅವರು ವರ್ತಮಾನದಲ್ಲಿ ದೃಶ್ಯಕಲೆಯ ಪರಿಕಲ್ಪನೆಗಳ ಕುರಿತು ಮತ್ತು ಬಾಗಲಕೋಟೆ ಚಿತ್ರಕಲಾವಿದ ಲಕ್ಷ್ಮಣ ಬದಾಮಿ 'ಆಧುನಿಕ ಸಮಕಾಲೀನ ಕಲೆ ಮತ್ತು ಕಲಾ ಶಿಕ್ಷಣ' ಕುರಿತು ವಿಷಯ ಮಂಡಿಸಲಿದ್ದಾರೆ. ಅಕಾಡೆಮಿ ಸದಸ್ಯರಾದ ಎಸ್.ನವೀನ, ಕಸಾಪ ಗೌರವ ಕಾರ್ಯದರ್ಶಿ ಶಿವರಾಜ ಅಂಡಗಿ, ಧರ್ಮಣ್ಣ ಧನ್ನಿ, ಗೌರವ ಕೋಶಾಧ್ಯಕ್ಷ ಶರಣರಾಜ ಛಪ್ಪರಬಂದಿ ಉಪಸ್ಥಿತರಿರುವರು ಎಂದು ಜಾನೆ ಅವರು ವಿವರಿಸಿದ್ದಾರೆ. ಸಂವಾದ ಕಾರ್ಯಕ್ರಮ ನಂತರ ಕಲಾತ್ಮಕ ಲಲಿತಕಲಾ ಅಕಾಡೆಮಿ ಅಧ್ಯಕ್ಷ ಪಿ ಸಹಿದರು ಅವರು ಕಲಾವಿದರೊಂದಿಗೆ ಕಲಾಕೃತಿಗಳ ಹಾಗೂ ವಿಭಿನ್ನ ಮತ್ತು ಕಲಾಮೇಳ ಆಯೋಜಿಸುವ ಕುರಿತು ಚರ್ಚೆ ಮಾಡಲಿದ್ದಾರೆ. ನಗರದ ಸಮಸ್ತ ಕಲಾವಿದರು ಹಾಗೂ ಕಲಾ ಶಿಕ್ಷಕ–ಶಿಕ್ಷಕಿಯರು, ಕಲಾಸಕ್ತರು ಹಾಗೂ ವಿದ್ಯಾರ್ಥಿ–ವಿದ್ಯಾರ್ಥಿನಿಯರು ಈ ಕಾರ್ಯಕ್ರಮದಲ್ಲಿ ಭಾಗವಹಿಸಬೇಕೆಂದು ಹಿರಿಯ ಚಿತ್ರಕಲಾವಿದ ಹಾಗೂ ಸದಸ್ಯ ಹಾಗೂ ಸಂಚಾಲಕ ಬಸವರಾಜ ಎಲ್ ಜಾನೆ ಅವರು ತಿಳಿಸಿದ್ದಾರೆ.
